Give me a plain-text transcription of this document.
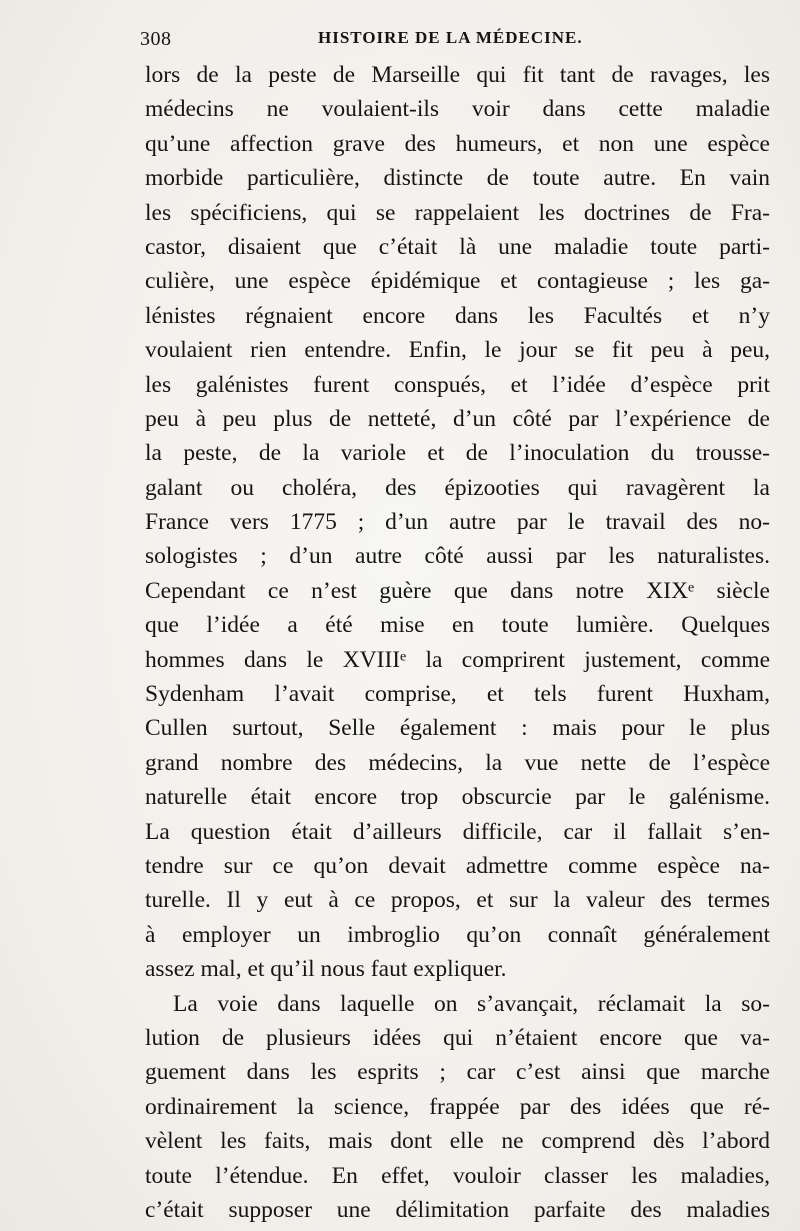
308	HISTOIRE DE LA MÉDECINE.
lors de la peste de Marseille qui fit tant de ravages, les
médecins ne voulaient-ils voir dans cette maladie
qu’une affection grave des humeurs, et non une espèce
morbide particulière, distincte de toute autre. En vain
les spécificiens, qui se rappelaient les doctrines de Fra-
castor, disaient que c’était là une maladie toute parti-
culière, une espèce épidémique et contagieuse ; les ga-
lénistes régnaient encore dans les Facultés et n’y
voulaient rien entendre. Enfin, le jour se fit peu à peu,
les galénistes furent conspués, et l’idée d’espèce prit
peu à peu plus de netteté, d’un côté par l’expérience de
la peste, de la variole et de l’inoculation du trousse-
galant ou choléra, des épizooties qui ravagèrent la
France vers 1775 ; d’un autre par le travail des no-
sologistes ; d’un autre côté aussi par les naturalistes.
Cependant ce n’est guère que dans notre XIXᵉ siècle
que l’idée a été mise en toute lumière. Quelques
hommes dans le XVIIIᵉ la comprirent justement, comme
Sydenham l’avait comprise, et tels furent Huxham,
Cullen surtout, Selle également : mais pour le plus
grand nombre des médecins, la vue nette de l’espèce
naturelle était encore trop obscurcie par le galénisme.
La question était d’ailleurs difficile, car il fallait s’en-
tendre sur ce qu’on devait admettre comme espèce na-
turelle. Il y eut à ce propos, et sur la valeur des termes
à employer un imbroglio qu’on connaît généralement
assez mal, et qu’il nous faut expliquer.
La voie dans laquelle on s’avançait, réclamait la so-
lution de plusieurs idées qui n’étaient encore que va-
guement dans les esprits ; car c’est ainsi que marche
ordinairement la science, frappée par des idées que ré-
vèlent les faits, mais dont elle ne comprend dès l’abord
toute l’étendue. En effet, vouloir classer les maladies,
c’était supposer une délimitation parfaite des maladies
